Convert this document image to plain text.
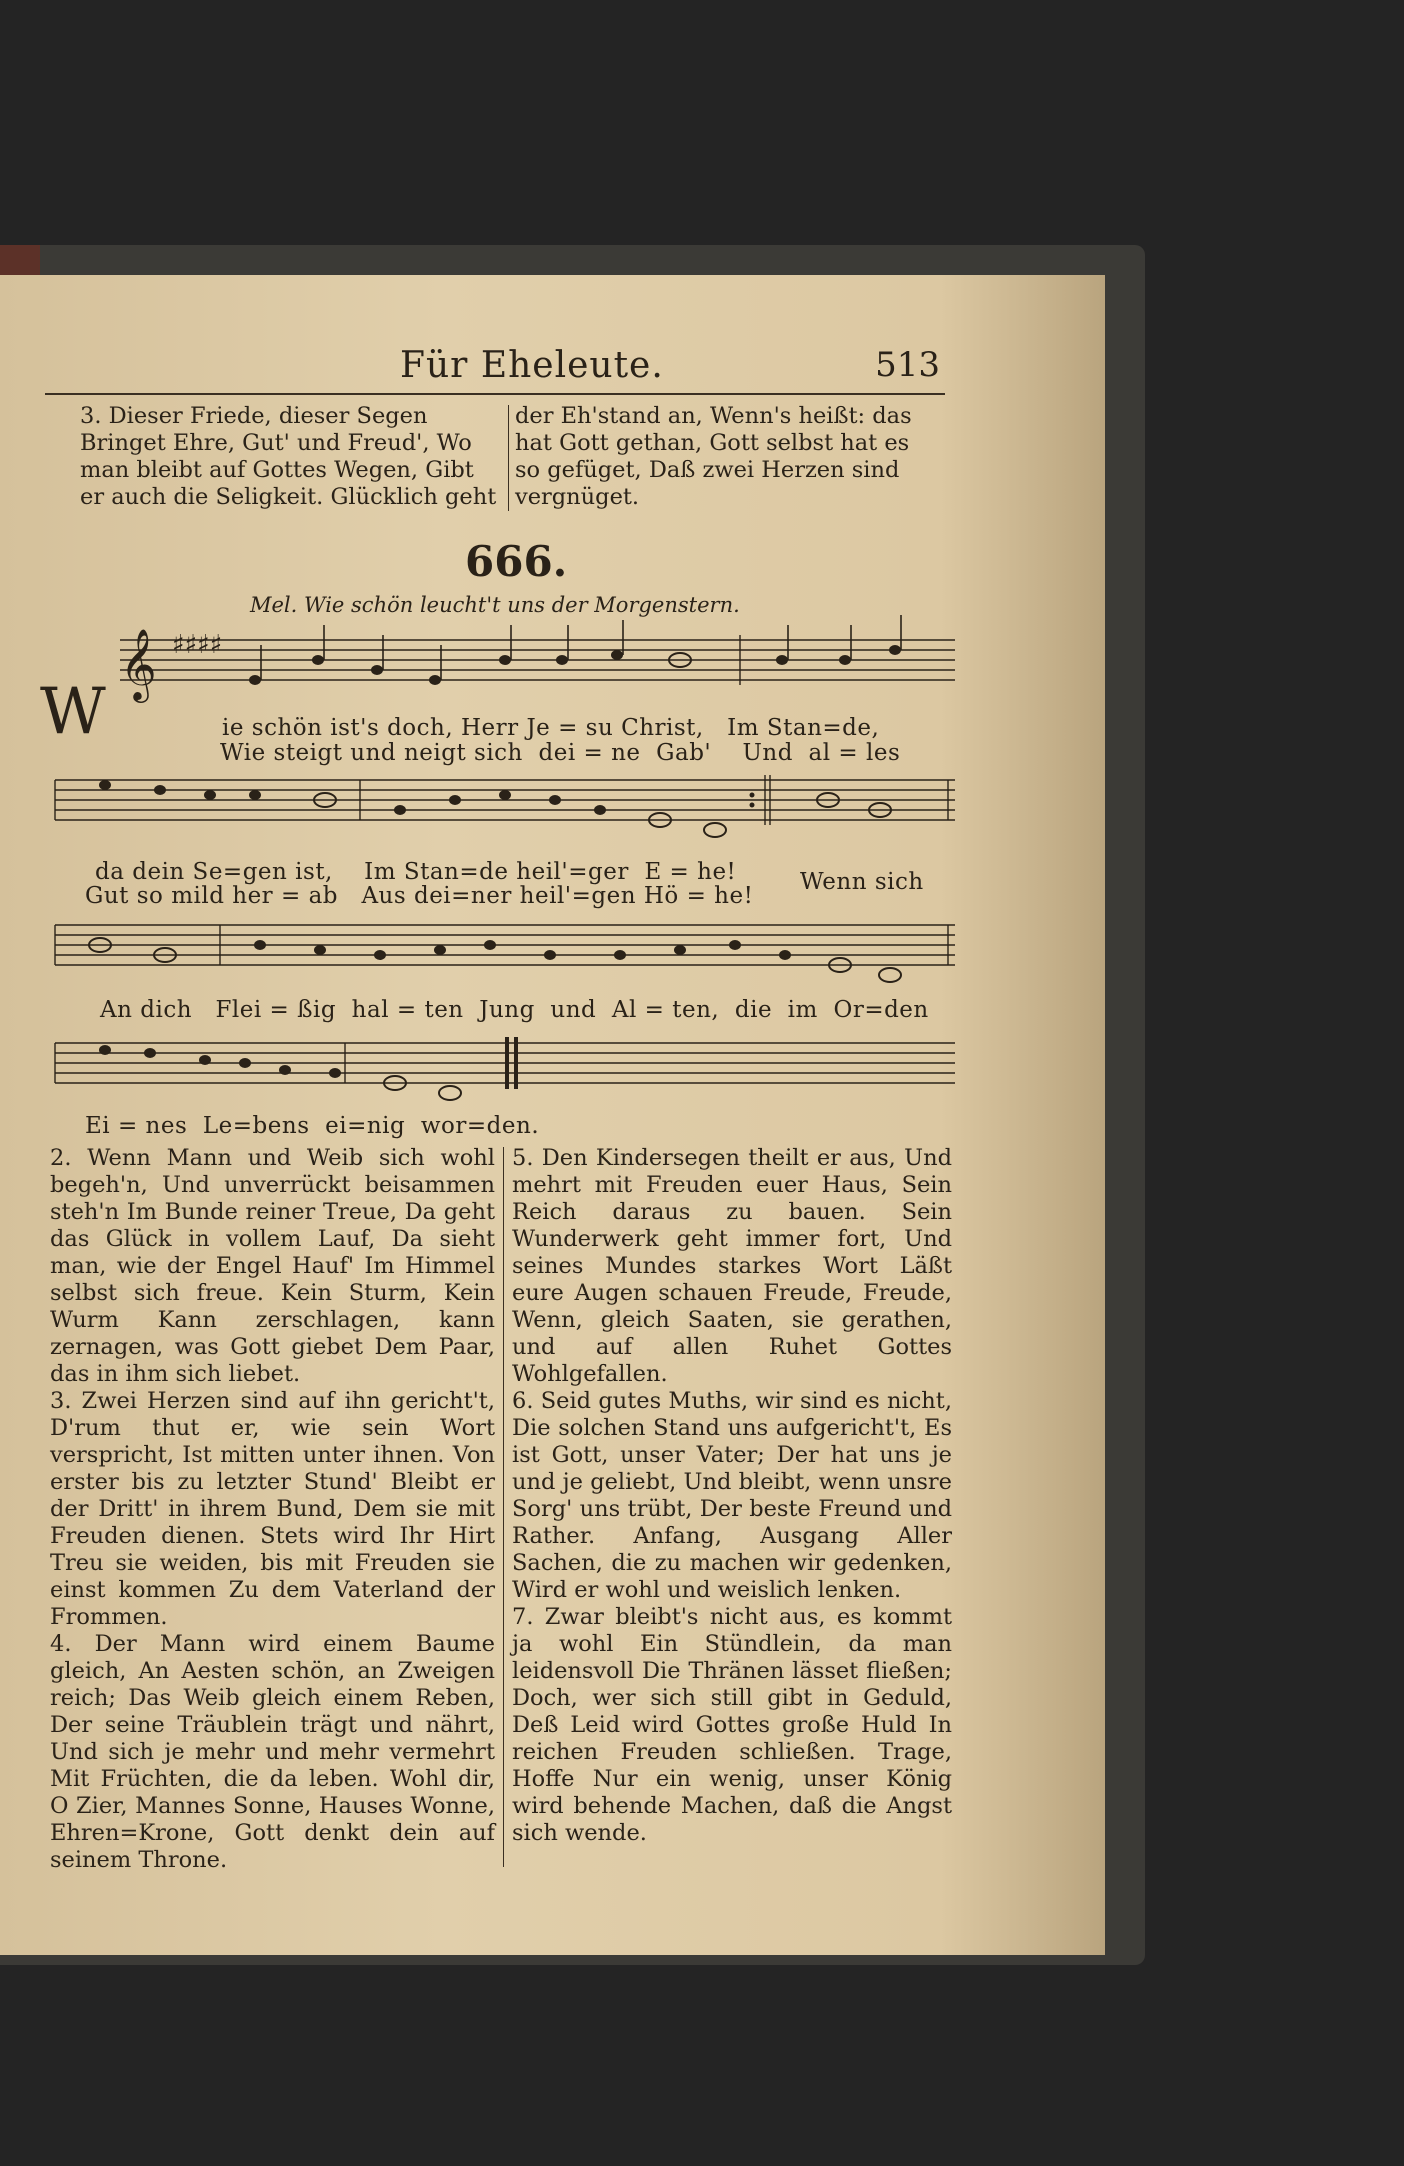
Für Eheleute.	513
3. Dieser Friede, dieser Segen
Bringet Ehre, Gut' und Freud', Wo
man bleibt auf Gottes Wegen, Gibt
er auch die Seligkeit. Glücklich geht
der Eh'stand an, Wenn's heißt: das
hat Gott gethan, Gott selbst hat es
so gefüget, Daß zwei Herzen sind
vergnüget.
666.
Mel. Wie schön leucht't uns der Morgenstern.
𝄞 ♯♯♯♯
W	ie schön ist's doch, Herr Je = su Christ,   Im Stan=de,
Wie steigt und neigt sich  dei = ne  Gab'    Und  al = les
da dein Se=gen ist,    Im Stan=de heil'=ger  E = he!
Gut so mild her = ab   Aus dei=ner heil'=gen Hö = he!
Wenn sich
An dich   Flei = ßig  hal = ten  Jung  und  Al = ten,  die  im  Or=den
Ei = nes  Le=bens  ei=nig  wor=den.

2. Wenn Mann und Weib sich wohl begeh'n, Und unverrückt beisammen steh'n Im Bunde reiner Treue, Da geht das Glück in vollem Lauf, Da sieht man, wie der Engel Hauf' Im Himmel selbst sich freue. Kein Sturm, Kein Wurm Kann zerschlagen, kann zernagen, was Gott giebet Dem Paar, das in ihm sich liebet.

3. Zwei Herzen sind auf ihn gericht't, D'rum thut er, wie sein Wort verspricht, Ist mitten unter ihnen. Von erster bis zu letzter Stund' Bleibt er der Dritt' in ihrem Bund, Dem sie mit Freuden dienen. Stets wird Ihr Hirt Treu sie weiden, bis mit Freuden sie einst kommen Zu dem Vaterland der Frommen.

4. Der Mann wird einem Baume gleich, An Aesten schön, an Zweigen reich; Das Weib gleich einem Reben, Der seine Träublein trägt und nährt, Und sich je mehr und mehr vermehrt Mit Früchten, die da leben. Wohl dir, O Zier, Mannes Sonne, Hauses Wonne, Ehren=Krone, Gott denkt dein auf seinem Throne.

5. Den Kindersegen theilt er aus, Und mehrt mit Freuden euer Haus, Sein Reich daraus zu bauen. Sein Wunderwerk geht immer fort, Und seines Mundes starkes Wort Läßt eure Augen schauen Freude, Freude, Wenn, gleich Saaten, sie gerathen, und auf allen Ruhet Gottes Wohlgefallen.

6. Seid gutes Muths, wir sind es nicht, Die solchen Stand uns aufgericht't, Es ist Gott, unser Vater; Der hat uns je und je geliebt, Und bleibt, wenn unsre Sorg' uns trübt, Der beste Freund und Rather. Anfang, Ausgang Aller Sachen, die zu machen wir gedenken, Wird er wohl und weislich lenken.

7. Zwar bleibt's nicht aus, es kommt ja wohl Ein Stündlein, da man leidensvoll Die Thränen lässet fließen; Doch, wer sich still gibt in Geduld, Deß Leid wird Gottes große Huld In reichen Freuden schließen. Trage, Hoffe Nur ein wenig, unser König wird behende Machen, daß die Angst sich wende.
